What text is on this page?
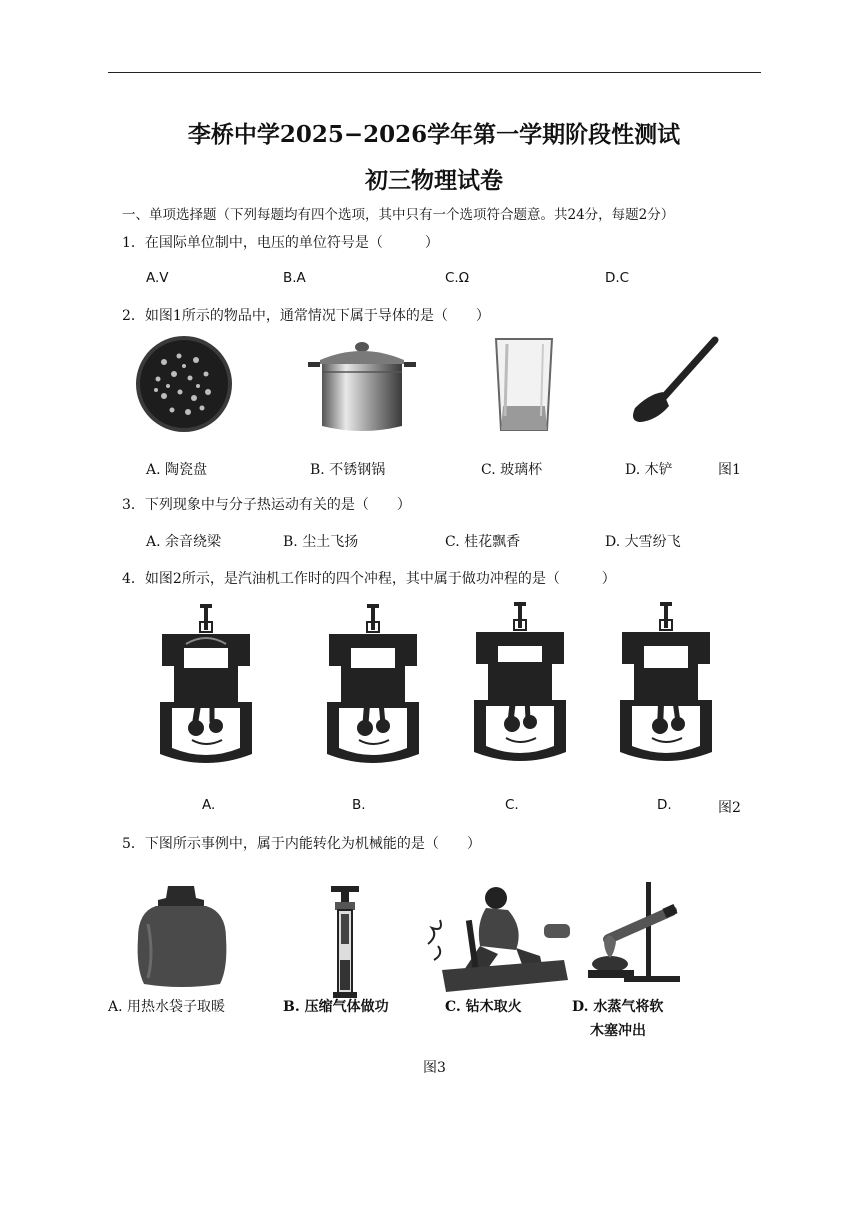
李桥中学2025−2026学年第一学期阶段性测试
初三物理试卷
一、单项选择题（下列每题均有四个选项，其中只有一个选项符合题意。共24分，每题2分）
1．在国际单位制中，电压的单位符号是（　　　）
A.V	B.A	C.Ω	D.C
2．如图1所示的物品中，通常情况下属于导体的是（　　）
A. 陶瓷盘	B. 不锈钢锅	C. 玻璃杯	D. 木铲	图1
3．下列现象中与分子热运动有关的是（　　）
A. 余音绕梁	B. 尘土飞扬	C. 桂花飘香	D. 大雪纷飞
4．如图2所示，是汽油机工作时的四个冲程，其中属于做功冲程的是（　　　）
A.	B.	C.	D.	图2
5．下图所示事例中，属于内能转化为机械能的是（　　）
A. 用热水袋子取暖	B. 压缩气体做功	C. 钻木取火	D. 水蒸气将软
木塞冲出
图3
